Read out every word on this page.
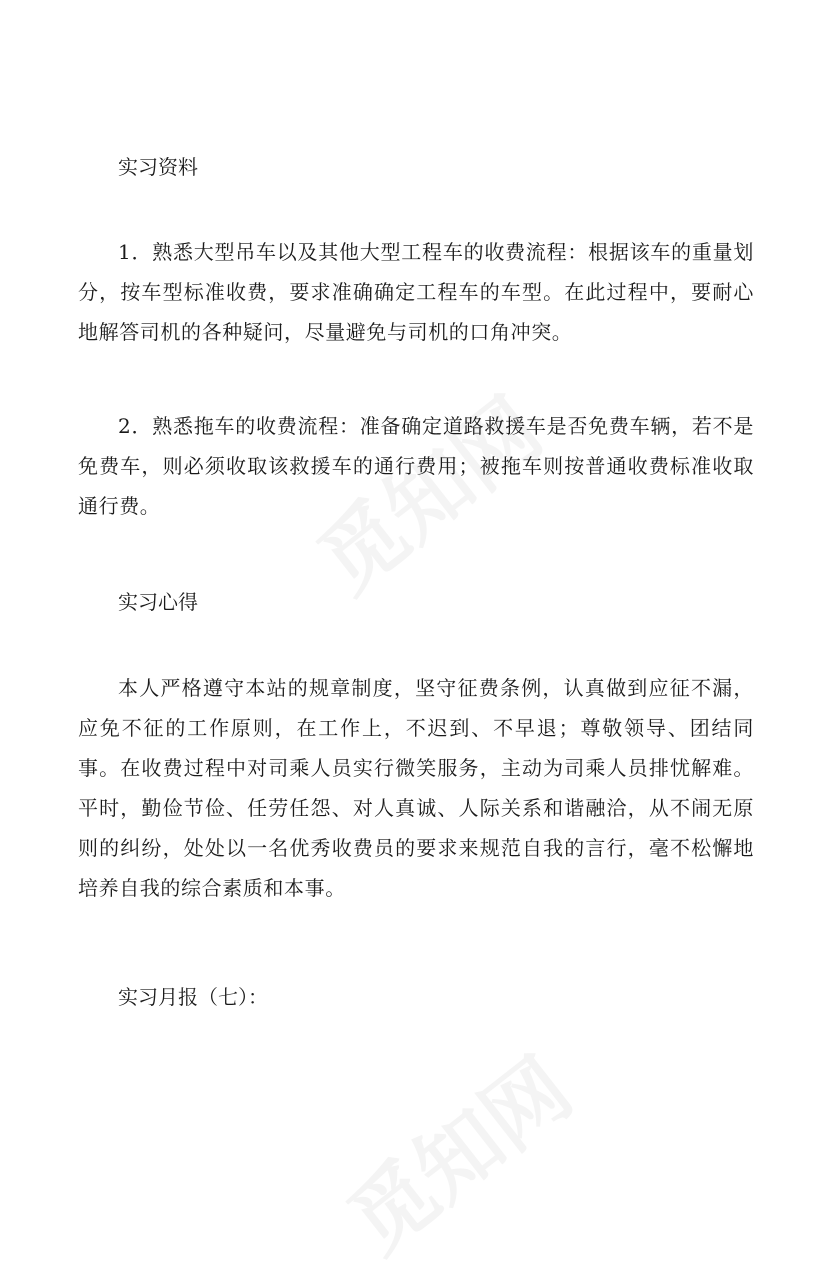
实习资料
1．熟悉大型吊车以及其他大型工程车的收费流程：根据该车的重量划分，按车型标准收费，要求准确确定工程车的车型。在此过程中，要耐心地解答司机的各种疑问，尽量避免与司机的口角冲突。
2．熟悉拖车的收费流程：准备确定道路救援车是否免费车辆，若不是免费车，则必须收取该救援车的通行费用；被拖车则按普通收费标准收取通行费。
实习心得
本人严格遵守本站的规章制度，坚守征费条例，认真做到应征不漏，应免不征的工作原则，在工作上，不迟到、不早退；尊敬领导、团结同事。在收费过程中对司乘人员实行微笑服务，主动为司乘人员排忧解难。平时，勤俭节俭、任劳任怨、对人真诚、人际关系和谐融洽，从不闹无原则的纠纷，处处以一名优秀收费员的要求来规范自我的言行，毫不松懈地培养自我的综合素质和本事。
实习月报（七）：
